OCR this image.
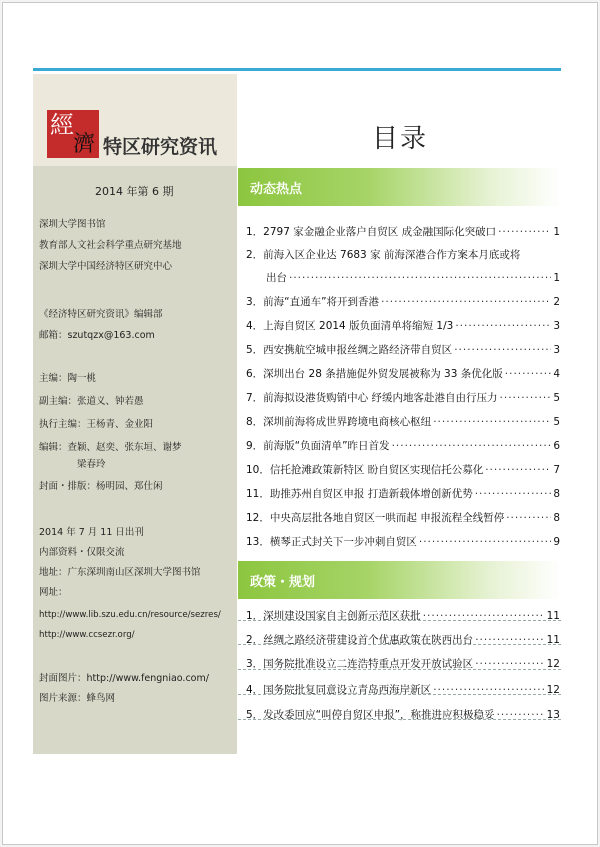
經
濟 特区研究资讯
2014 年第 6 期
深圳大学图书馆
教育部人文社会科学重点研究基地
深圳大学中国经济特区研究中心
《经济特区研究资讯》编辑部
邮箱：szutqzx@163.com
主编：陶一桃
副主编：张道义、钟若愚
执行主编：王杨青、金业阳
编辑：查颖、赵奕、张东垣、谢梦
梁春玲
封面・排版：杨明园、郑仕闲
2014 年 7 月 11 日出刊
内部资料・仅限交流
地址：广东深圳南山区深圳大学图书馆
网址：
http://www.lib.szu.edu.cn/resource/sezres/
http://www.ccsezr.org/
封面图片：http://www.fengniao.com/
图片来源：蜂鸟网
目录
动态热点
1．2797 家金融企业落户自贸区 成金融国际化突破口 ·····	1
2．前海入区企业达 7683 家 前海深港合作方案本月底或将
出台 ·····	1
3．前海“直通车”将开到香港 ·····	2
4．上海自贸区 2014 版负面清单将缩短 1/3 ·····	3
5．西安携航空城申报丝绸之路经济带自贸区 ·····	3
6．深圳出台 28 条措施促外贸发展被称为 33 条优化版 ·····	4
7．前海拟设港货购销中心 纾缓内地客赴港自由行压力 ·····	5
8．深圳前海将成世界跨境电商核心枢纽 ·····	5
9．前海版“负面清单”昨日首发 ·····	6
10．信托抢滩政策新特区 盼自贸区实现信托公募化 ·····	7
11．助推苏州自贸区申报 打造新载体增创新优势 ·····	8
12．中央高层批各地自贸区一哄而起 申报流程全线暂停 ·····	8
13．横琴正式封关下一步冲刺自贸区 ·····	9
政策・规划
1．深圳建设国家自主创新示范区获批 ·····	11
2．丝绸之路经济带建设首个优惠政策在陕西出台 ·····	11
3．国务院批准设立二连浩特重点开发开放试验区 ·····	12
4．国务院批复同意设立青岛西海岸新区 ·····	12
5．发改委回应“叫停自贸区申报”，称推进应积极稳妥 ·····	13
